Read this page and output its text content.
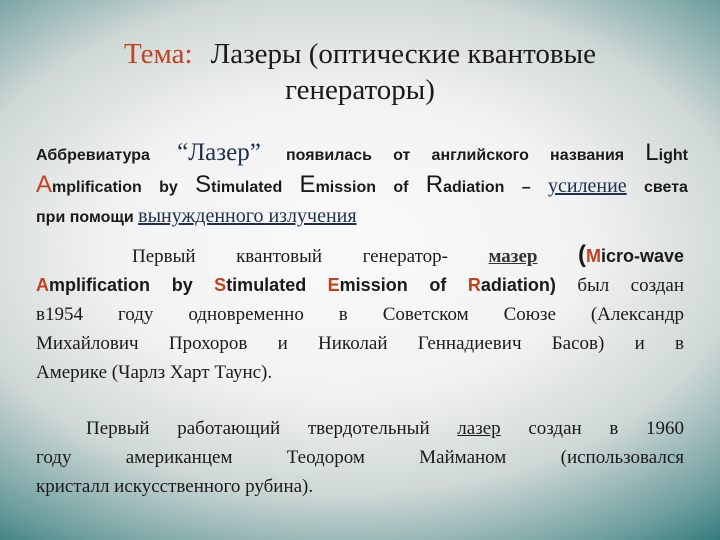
Тема: Лазеры (оптические квантовые
генераторы)
Аббревиатура “Лазер” появилась от английского названия Light
Amplification by Stimulated Emission of Radiation – усиление света
при помощи вынужденного излучения
Первый квантовый генератор- мазер (Micro-wave
Amplification by Stimulated Emission of Radiation) был создан
в1954 году одновременно в Советском Союзе (Александр
Михайлович Прохоров и Николай Геннадиевич Басов) и в
Америке (Чарлз Харт Таунс).
Первый работающий твердотельный лазер создан в 1960
году американцем Теодором Майманом (использовался
кристалл искусственного рубина).
